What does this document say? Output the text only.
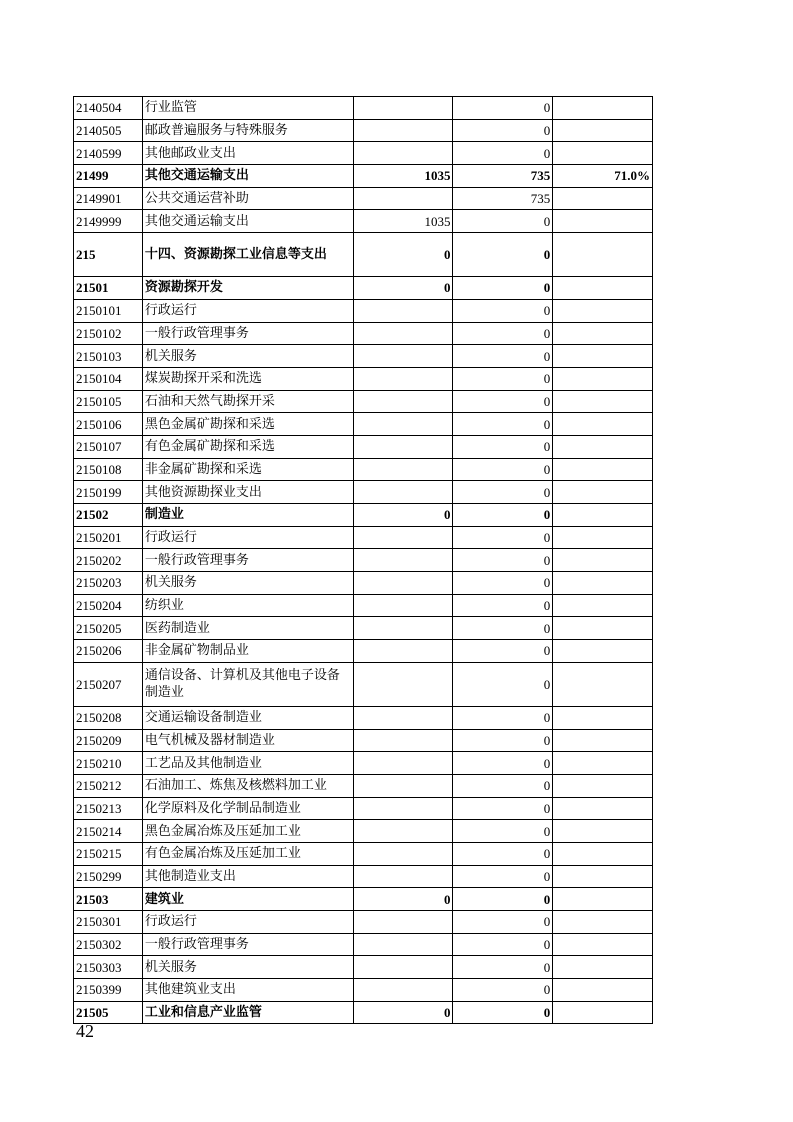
2140504	行业监管		0	
2140505	邮政普遍服务与特殊服务		0	
2140599	其他邮政业支出		0	
21499	其他交通运输支出	1035	735	71.0%
2149901	公共交通运营补助		735	
2149999	其他交通运输支出	1035	0	
215	十四、资源勘探工业信息等支出	0	0	
21501	资源勘探开发	0	0	
2150101	行政运行		0	
2150102	一般行政管理事务		0	
2150103	机关服务		0	
2150104	煤炭勘探开采和洗选		0	
2150105	石油和天然气勘探开采		0	
2150106	黑色金属矿勘探和采选		0	
2150107	有色金属矿勘探和采选		0	
2150108	非金属矿勘探和采选		0	
2150199	其他资源勘探业支出		0	
21502	制造业	0	0	
2150201	行政运行		0	
2150202	一般行政管理事务		0	
2150203	机关服务		0	
2150204	纺织业		0	
2150205	医药制造业		0	
2150206	非金属矿物制品业		0	
2150207	通信设备、计算机及其他电子设备制造业		0	
2150208	交通运输设备制造业		0	
2150209	电气机械及器材制造业		0	
2150210	工艺品及其他制造业		0	
2150212	石油加工、炼焦及核燃料加工业		0	
2150213	化学原料及化学制品制造业		0	
2150214	黑色金属冶炼及压延加工业		0	
2150215	有色金属冶炼及压延加工业		0	
2150299	其他制造业支出		0	
21503	建筑业	0	0	
2150301	行政运行		0	
2150302	一般行政管理事务		0	
2150303	机关服务		0	
2150399	其他建筑业支出		0	
21505	工业和信息产业监管	0	0	
42
